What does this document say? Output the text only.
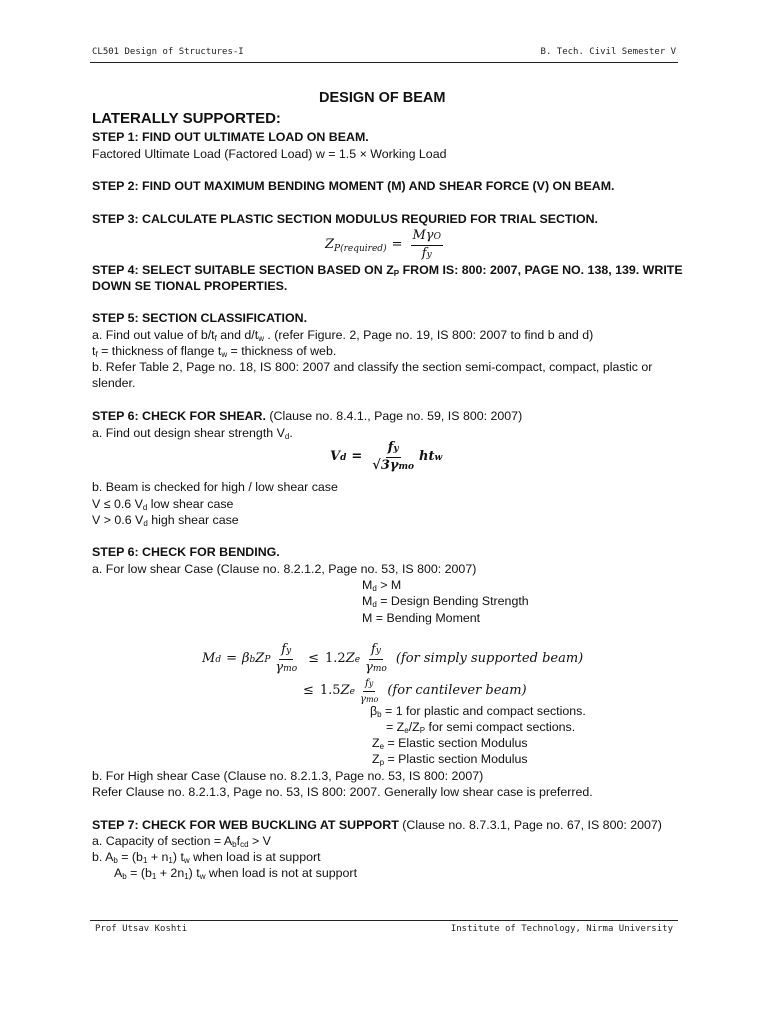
CL501 Design of Structures-I	B. Tech. Civil Semester V
DESIGN OF BEAM
LATERALLY SUPPORTED:
STEP 1: FIND OUT ULTIMATE LOAD ON BEAM.
Factored Ultimate Load (Factored Load) w = 1.5 × Working Load
STEP 2: FIND OUT MAXIMUM BENDING MOMENT (M) AND SHEAR FORCE (V) ON BEAM.
STEP 3: CALCULATE PLASTIC SECTION MODULUS REQURIED FOR TRIAL SECTION.
Z P(required) = $\frac{\text{MγO}}{fy}$
STEP 4: SELECT SUITABLE SECTION BASED ON $Z_P$ FROM IS: 800: 2007, PAGE NO. 138, 139. WRITE
DOWN SE TIONAL PROPERTIES.
STEP 5: SECTION CLASSIFICATION.
a. Find out value of $b/t_f$ and $d/t_w$ . (refer Figure. 2, Page no. 19, IS 800: 2007 to find b and d)
$t_f$ = thickness of flange $t_w$ = thickness of web.
b. Refer Table 2, Page no. 18, IS 800: 2007 and classify the section semi-compact, compact, plastic or
slender.
STEP 6: CHECK FOR SHEAR. (Clause no. 8.4.1., Page no. 59, IS 800: 2007)
a. Find out design shear strength $V_d$.
$Vd = \frac{fy}{\text{√3γmo}}$ htw
b. Beam is checked for high / low shear case
V ≤ 0.6 $V_d$ low shear case
V > 0.6 $V_d$ high shear case
STEP 6: CHECK FOR BENDING.
a. For low shear Case (Clause no. 8.2.1.2, Page no. 53, IS 800: 2007)
$M_d > M$
$M_d$ = Design Bending Strength
M = Bending Moment
Md = βbZP $\frac{fy}{\text{γmo}} \le 1.2Ze \frac{fy}{\text{γmo}} (for$ simply supported beam)
≤ $1.5Ze \frac{fy}{\text{γmo}} (for$ cantilever beam)
$\beta_b = 1$ for plastic and compact sections.
= $Z_e/Z_P$ for semi compact sections.
$Z_e$ = Elastic section Modulus
$Z_p$ = Plastic section Modulus
b. For High shear Case (Clause no. 8.2.1.3, Page no. 53, IS 800: 2007)
Refer Clause no. 8.2.1.3, Page no. 53, IS 800: 2007. Generally low shear case is preferred.
STEP 7: CHECK FOR WEB BUCKLING AT SUPPORT (Clause no. 8.7.3.1, Page no. 67, IS 800: 2007)
a. Capacity of section = $A_bf_{cd} > V$
b. $A_b = (b_1 + n_1)$ $t_w$ when load is at support
$A_b = (b_1 + 2n_1)$ $t_w$ when load is not at support
Prof Utsav Koshti	Institute of Technology, Nirma University
